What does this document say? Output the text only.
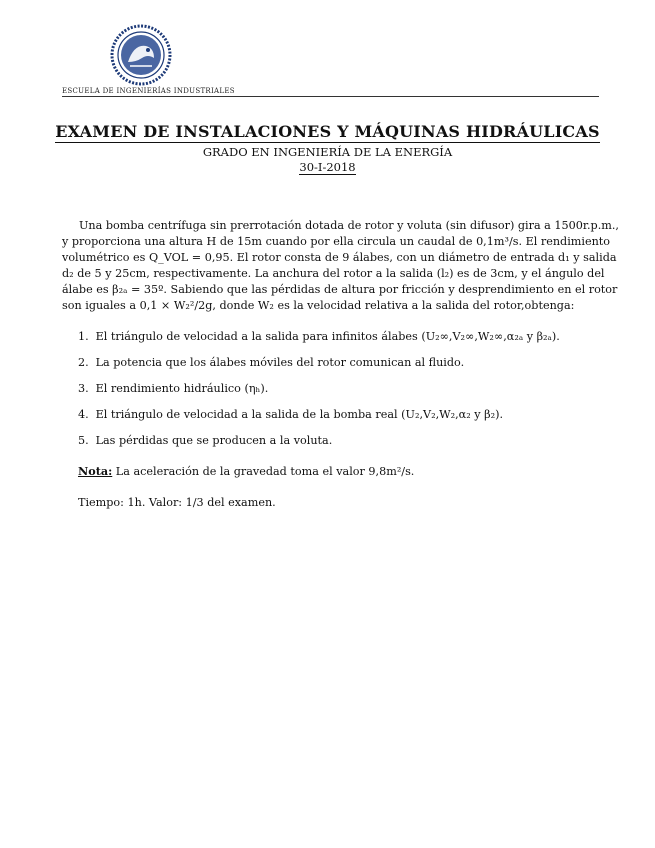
ESCUELA DE INGENIERÍAS INDUSTRIALES
EXAMEN DE INSTALACIONES Y MÁQUINAS HIDRÁULICAS
GRADO EN INGENIERÍA DE LA ENERGÍA
30-I-2018
Una bomba centrífuga sin prerrotación dotada de rotor y voluta (sin difusor) gira a 1500r.p.m.,
y proporciona una altura H de 15m cuando por ella circula un caudal de 0,1m³/s. El rendimiento
volumétrico es Q_VOL = 0,95. El rotor consta de 9 álabes, con un diámetro de entrada d₁ y salida
d₂ de 5 y 25cm, respectivamente. La anchura del rotor a la salida (l₂) es de 3cm, y el ángulo del
álabe es β₂ₐ = 35º. Sabiendo que las pérdidas de altura por fricción y desprendimiento en el rotor
son iguales a 0,1 × W₂²/2g, donde W₂ es la velocidad relativa a la salida del rotor,obtenga:
1. El triángulo de velocidad a la salida para infinitos álabes (U₂∞,V₂∞,W₂∞,α₂ₐ y β₂ₐ).
2. La potencia que los álabes móviles del rotor comunican al fluido.
3. El rendimiento hidráulico (ηₕ).
4. El triángulo de velocidad a la salida de la bomba real (U₂,V₂,W₂,α₂ y β₂).
5. Las pérdidas que se producen a la voluta.
Nota: La aceleración de la gravedad toma el valor 9,8m²/s.
Tiempo: 1h. Valor: 1/3 del examen.
